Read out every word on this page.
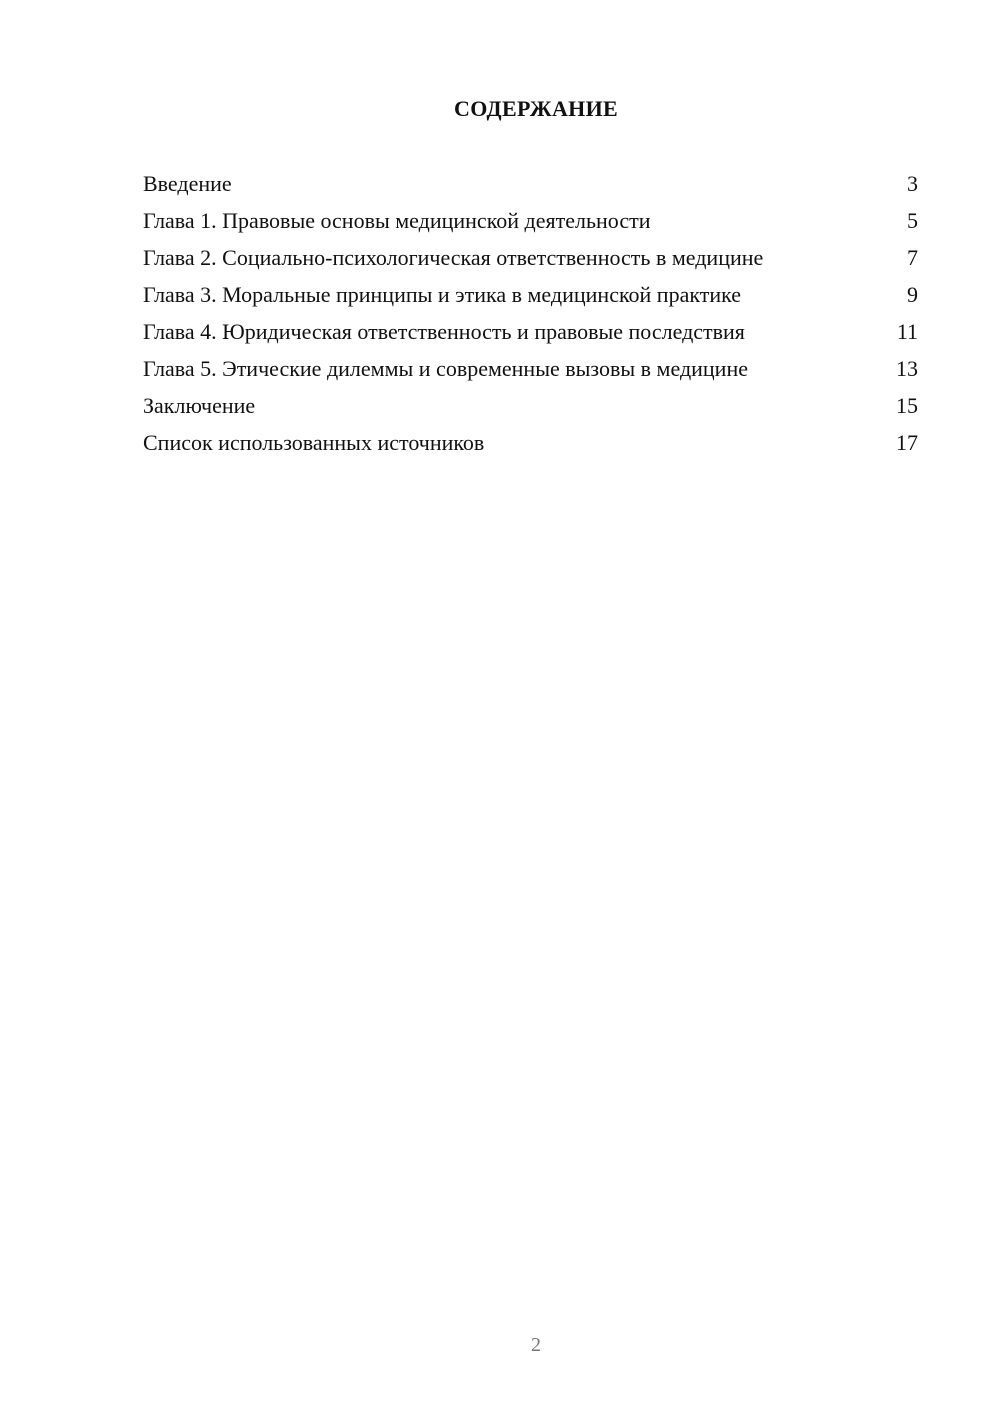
СОДЕРЖАНИЕ
Введение	3
Глава 1. Правовые основы медицинской деятельности	5
Глава 2. Социально-психологическая ответственность в медицине	7
Глава 3. Моральные принципы и этика в медицинской практике	9
Глава 4. Юридическая ответственность и правовые последствия	11
Глава 5. Этические дилеммы и современные вызовы в медицине	13
Заключение	15
Список использованных источников	17
2
